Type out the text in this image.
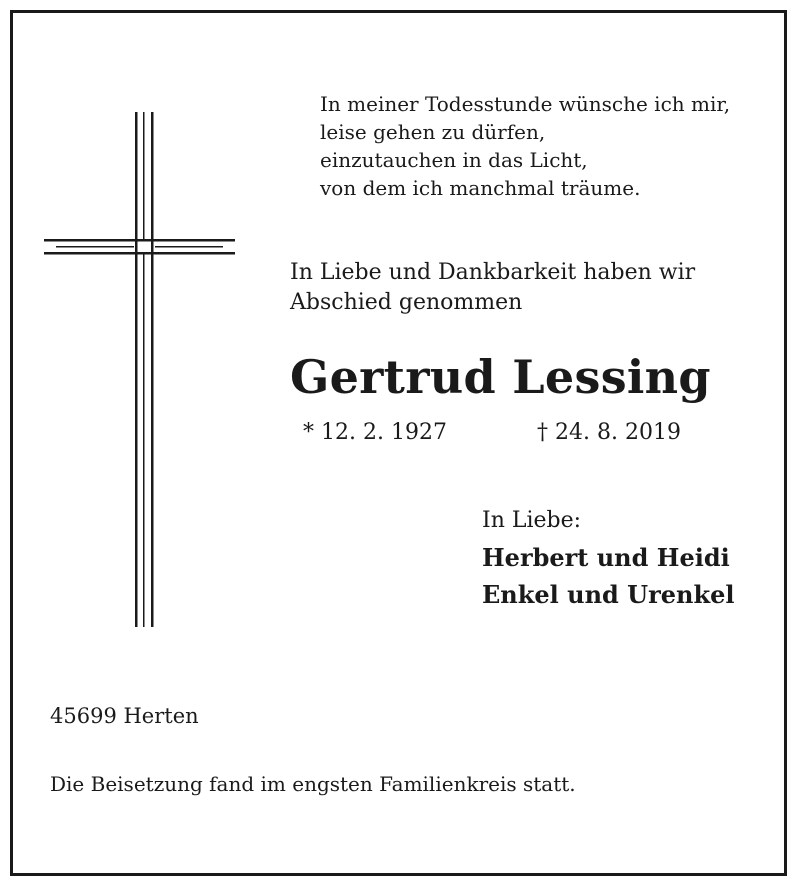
In meiner Todesstunde wünsche ich mir,
leise gehen zu dürfen,
einzutauchen in das Licht,
von dem ich manchmal träume.
In Liebe und Dankbarkeit haben wir
Abschied genommen
Gertrud Lessing
* 12. 2. 1927	† 24. 8. 2019
In Liebe:
Herbert und Heidi
Enkel und Urenkel
45699 Herten
Die Beisetzung fand im engsten Familienkreis statt.
